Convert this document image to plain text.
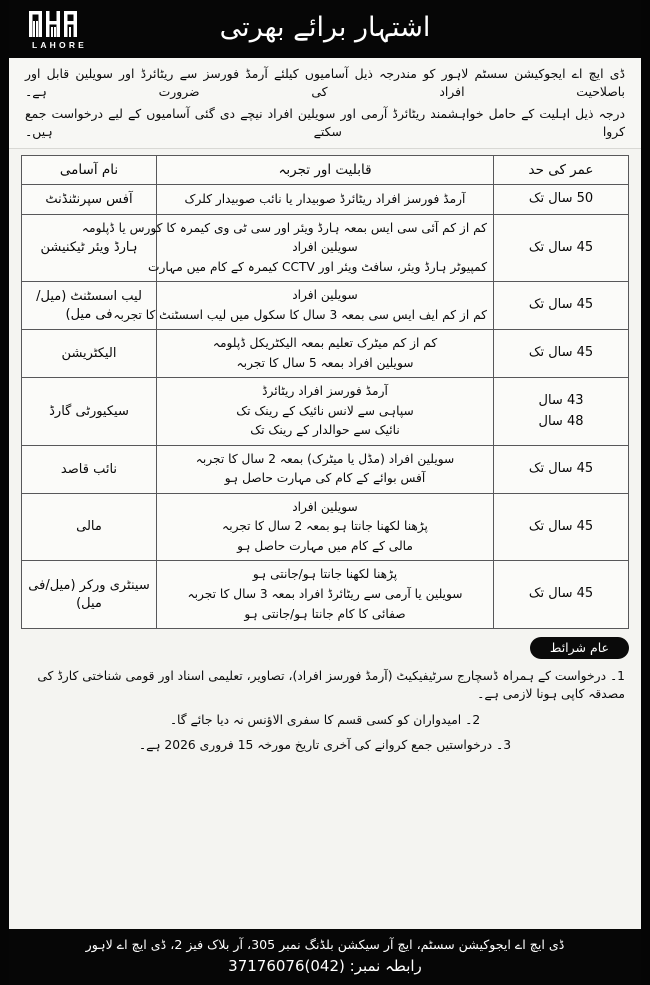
LAHORE
اشتہار برائے بھرتی

ڈی ایچ اے ایجوکیشن سسٹم لاہور کو مندرجہ ذیل آسامیوں کیلئے آرمڈ فورسز سے ریٹائرڈ اور سویلین قابل اور باصلاحیت افراد کی ضرورت ہے۔

درجہ ذیل اہلیت کے حامل خواہشمند ریٹائرڈ آرمی اور سویلین افراد نیچے دی گئی آسامیوں کے لیے درخواست جمع کروا سکتے ہیں۔

عمر کی حد	قابلیت اور تجربہ	نام آسامی

50 سال تک	آرمڈ فورسز افراد ریٹائرڈ صوبیدار یا نائب صوبیدار کلرک	آفس سپرنٹنڈنٹ

45 سال تک	کم از کم آئی سی ایس بمعہ ہارڈ ویئر اور سی ٹی وی کیمرہ کا کورس یا ڈپلومہ
سویلین افراد
کمپیوٹر ہارڈ ویئر، سافٹ ویئر اور CCTV کیمرہ کے کام میں مہارت	ہارڈ ویئر ٹیکنیشن

45 سال تک	سویلین افراد
کم از کم ایف ایس سی بمعہ 3 سال کا سکول میں لیب اسسٹنٹ کا تجربہ	لیب اسسٹنٹ (میل/فی میل)

45 سال تک	کم از کم میٹرک تعلیم بمعہ الیکٹریکل ڈپلومہ
سویلین افراد بمعہ 5 سال کا تجربہ	الیکٹریشن

43 سال
48 سال	آرمڈ فورسز افراد ریٹائرڈ
سپاہی سے لانس نائیک کے رینک تک
نائیک سے حوالدار کے رینک تک	سیکیورٹی گارڈ

45 سال تک	سویلین افراد (مڈل یا میٹرک) بمعہ 2 سال کا تجربہ
آفس بوائے کے کام کی مہارت حاصل ہو	نائب قاصد

45 سال تک	سویلین افراد
پڑھنا لکھنا جانتا ہو بمعہ 2 سال کا تجربہ
مالی کے کام میں مہارت حاصل ہو	مالی

45 سال تک	پڑھنا لکھنا جانتا ہو/جانتی ہو
سویلین یا آرمی سے ریٹائرڈ افراد بمعہ 3 سال کا تجربہ
صفائی کا کام جانتا ہو/جانتی ہو	سینٹری ورکر (میل/فی میل)
عام شرائط
1۔ درخواست کے ہمراہ ڈسچارج سرٹیفیکیٹ (آرمڈ فورسز افراد)، تصاویر، تعلیمی اسناد اور قومی شناختی کارڈ کی مصدقہ کاپی ہونا لازمی ہے۔
2۔ امیدواران کو کسی قسم کا سفری الاؤنس نہ دیا جائے گا۔
3۔ درخواستیں جمع کروانے کی آخری تاریخ مورخہ 15 فروری 2026 ہے۔
ڈی ایچ اے ایجوکیشن سسٹم، ایچ آر سیکشن بلڈنگ نمبر 305، آر بلاک فیز 2، ڈی ایچ اے لاہور
رابطہ نمبر: (042)37176076
